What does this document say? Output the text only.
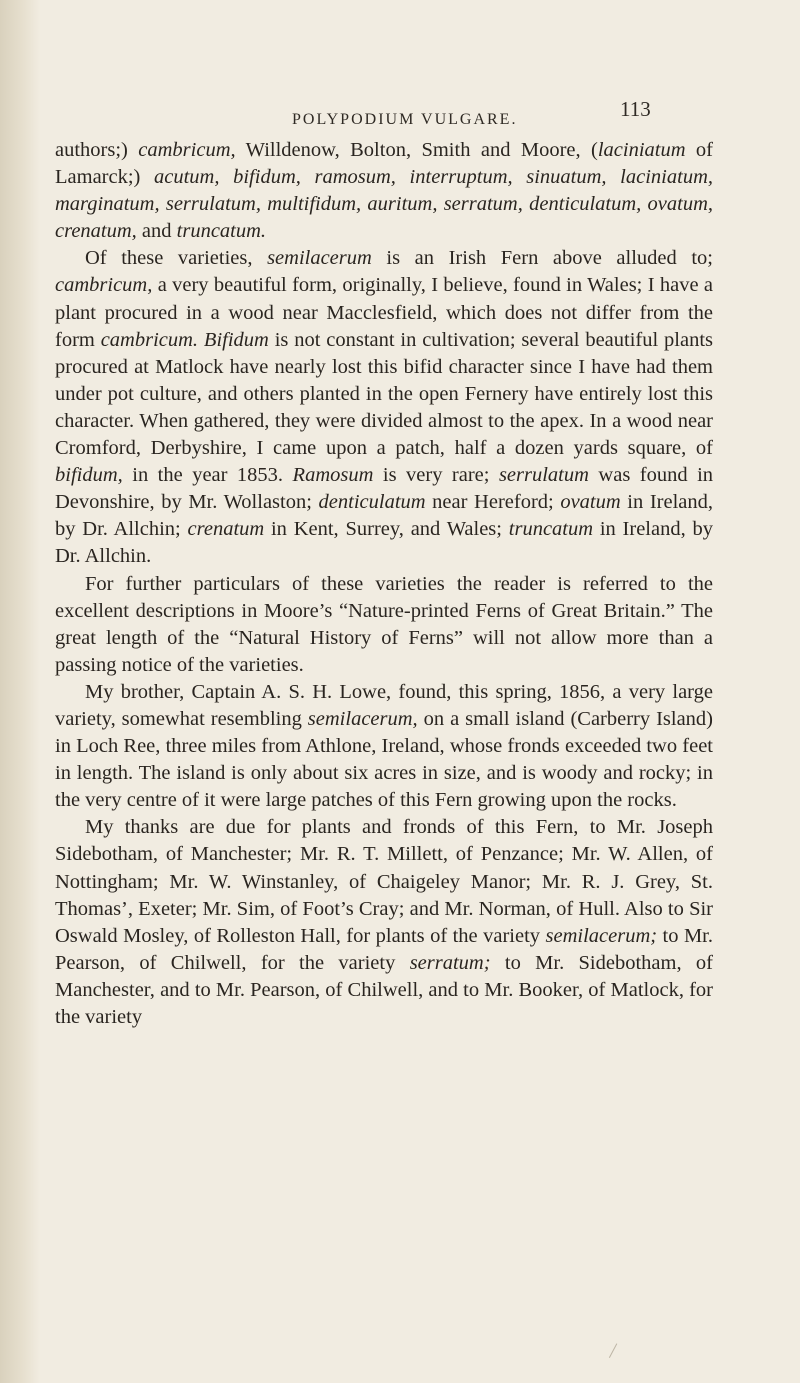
POLYPODIUM VULGARE.	113

authors;) cambricum, Willdenow, Bolton, Smith and Moore, (laciniatum of Lamarck;) acutum, bifidum, ramosum, interruptum, sinuatum, laciniatum, marginatum, serrulatum, multifidum, auritum, serratum, denticulatum, ovatum, crenatum, and truncatum.

Of these varieties, semilacerum is an Irish Fern above alluded to; cambricum, a very beautiful form, originally, I believe, found in Wales; I have a plant procured in a wood near Macclesfield, which does not differ from the form cambricum. Bifidum is not constant in cultivation; several beautiful plants procured at Matlock have nearly lost this bifid character since I have had them under pot culture, and others planted in the open Fernery have entirely lost this character. When gathered, they were divided almost to the apex. In a wood near Cromford, Derbyshire, I came upon a patch, half a dozen yards square, of bifidum, in the year 1853. Ramosum is very rare; serrulatum was found in Devonshire, by Mr. Wollaston; denticulatum near Hereford; ovatum in Ireland, by Dr. Allchin; crenatum in Kent, Surrey, and Wales; truncatum in Ireland, by Dr. Allchin.

For further particulars of these varieties the reader is referred to the excellent descriptions in Moore’s “Nature-printed Ferns of Great Britain.” The great length of the “Natural History of Ferns” will not allow more than a passing notice of the varieties.

My brother, Captain A. S. H. Lowe, found, this spring, 1856, a very large variety, somewhat resembling semilacerum, on a small island (Carberry Island) in Loch Ree, three miles from Athlone, Ireland, whose fronds exceeded two feet in length. The island is only about six acres in size, and is woody and rocky; in the very centre of it were large patches of this Fern growing upon the rocks.

My thanks are due for plants and fronds of this Fern, to Mr. Joseph Sidebotham, of Manchester; Mr. R. T. Millett, of Penzance; Mr. W. Allen, of Nottingham; Mr. W. Winstanley, of Chaigeley Manor; Mr. R. J. Grey, St. Thomas’, Exeter; Mr. Sim, of Foot’s Cray; and Mr. Norman, of Hull. Also to Sir Oswald Mosley, of Rolleston Hall, for plants of the variety semilacerum; to Mr. Pearson, of Chilwell, for the variety serratum; to Mr. Sidebotham, of Manchester, and to Mr. Pearson, of Chilwell, and to Mr. Booker, of Matlock, for the variety
